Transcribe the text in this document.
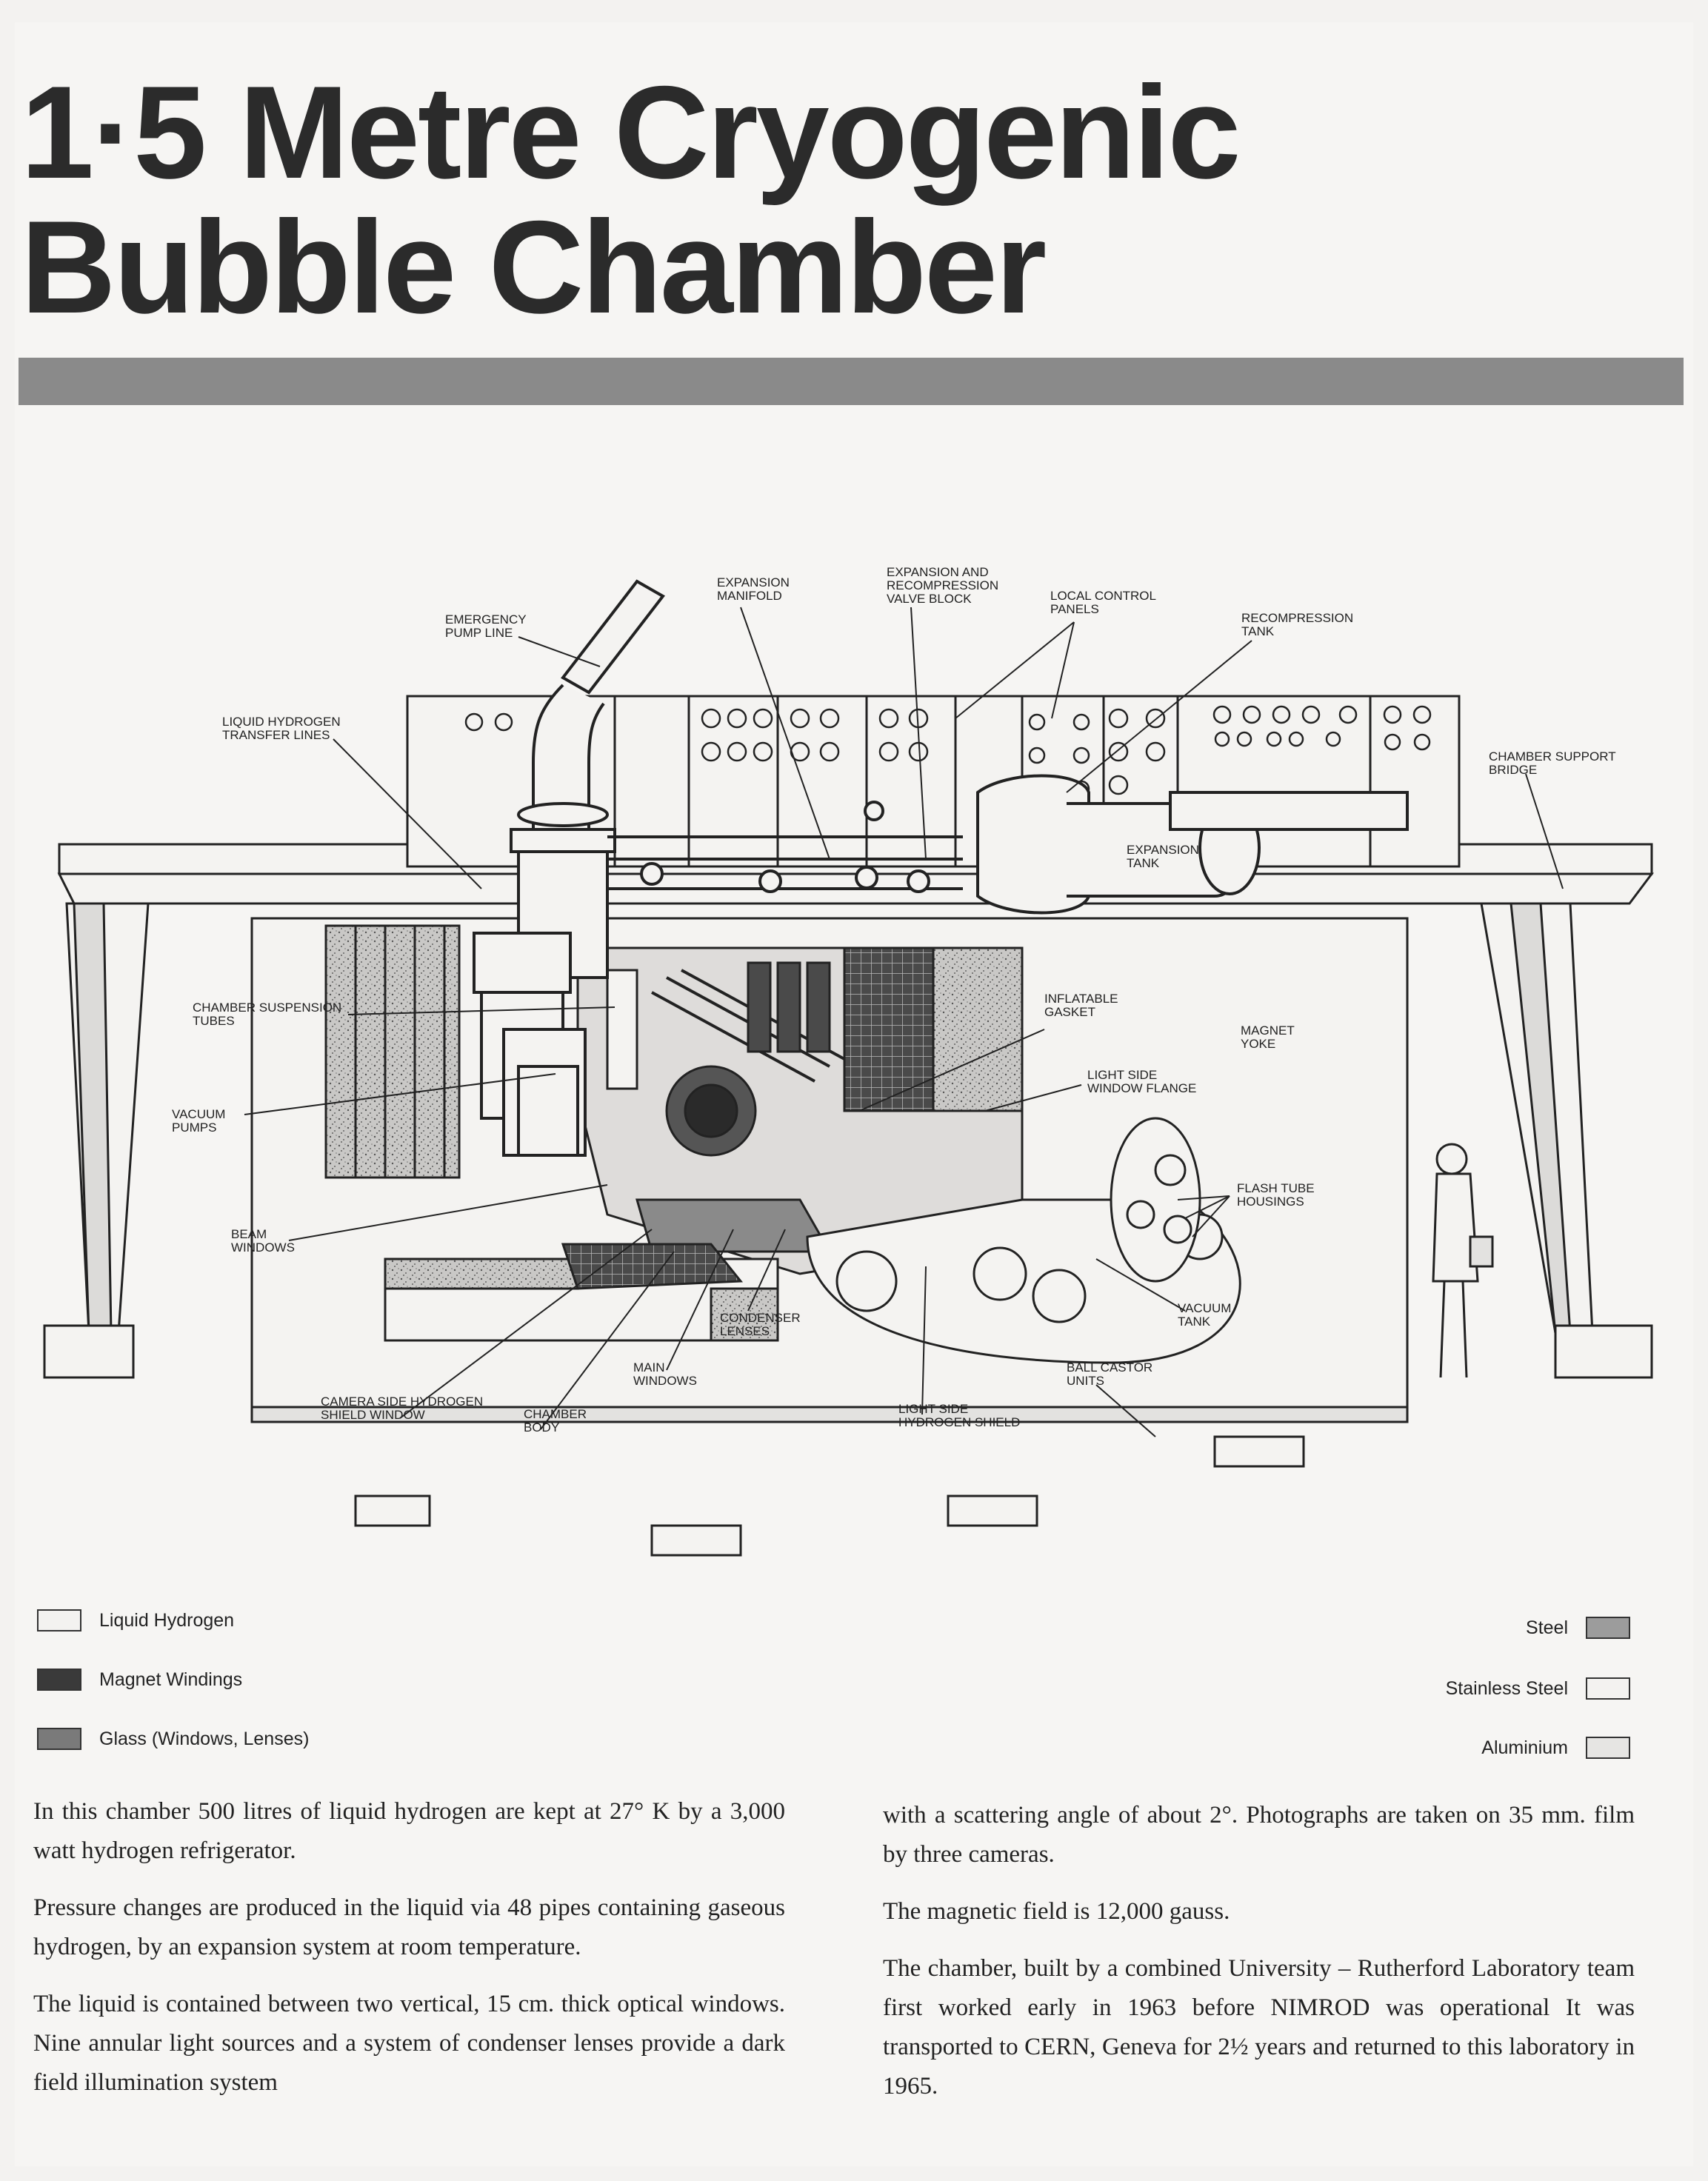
1·5 Metre Cryogenic
Bubble Chamber
EXPANSION MANIFOLD
EXPANSION AND RECOMPRESSION VALVE BLOCK	LOCAL CONTROL PANELS
RECOMPRESSION TANK
EMERGENCY PUMP LINE
LIQUID HYDROGEN TRANSFER LINES
CHAMBER SUPPORT BRIDGE
EXPANSION TANK
CHAMBER SUSPENSION TUBES
INFLATABLE GASKET
MAGNET YOKE
LIGHT SIDE WINDOW FLANGE
VACUUM PUMPS
FLASH TUBE HOUSINGS
BEAM WINDOWS
VACUUM TANK
CONDENSER LENSES
MAIN WINDOWS
BALL CASTOR UNITS
CAMERA SIDE HYDROGEN SHIELD WINDOW	CHAMBER BODY
LIGHT SIDE HYDROGEN SHIELD
Liquid Hydrogen
Magnet Windings
Glass (Windows, Lenses)
Steel
Stainless Steel
Aluminium

In this chamber 500 litres of liquid hydrogen are kept at 27° K by a 3,000 watt hydrogen refrigerator.

Pressure changes are produced in the liquid via 48 pipes containing gaseous hydrogen, by an expansion system at room temperature.

The liquid is contained between two vertical, 15 cm. thick optical windows. Nine annular light sources and a system of condenser lenses provide a dark field illumination system

with a scattering angle of about 2°. Photographs are taken on 35 mm. film by three cameras.

The magnetic field is 12,000 gauss.

The chamber, built by a combined University – Rutherford Laboratory team first worked early in 1963 before NIMROD was operational It was transported to CERN, Geneva for 2½ years and returned to this laboratory in 1965.
